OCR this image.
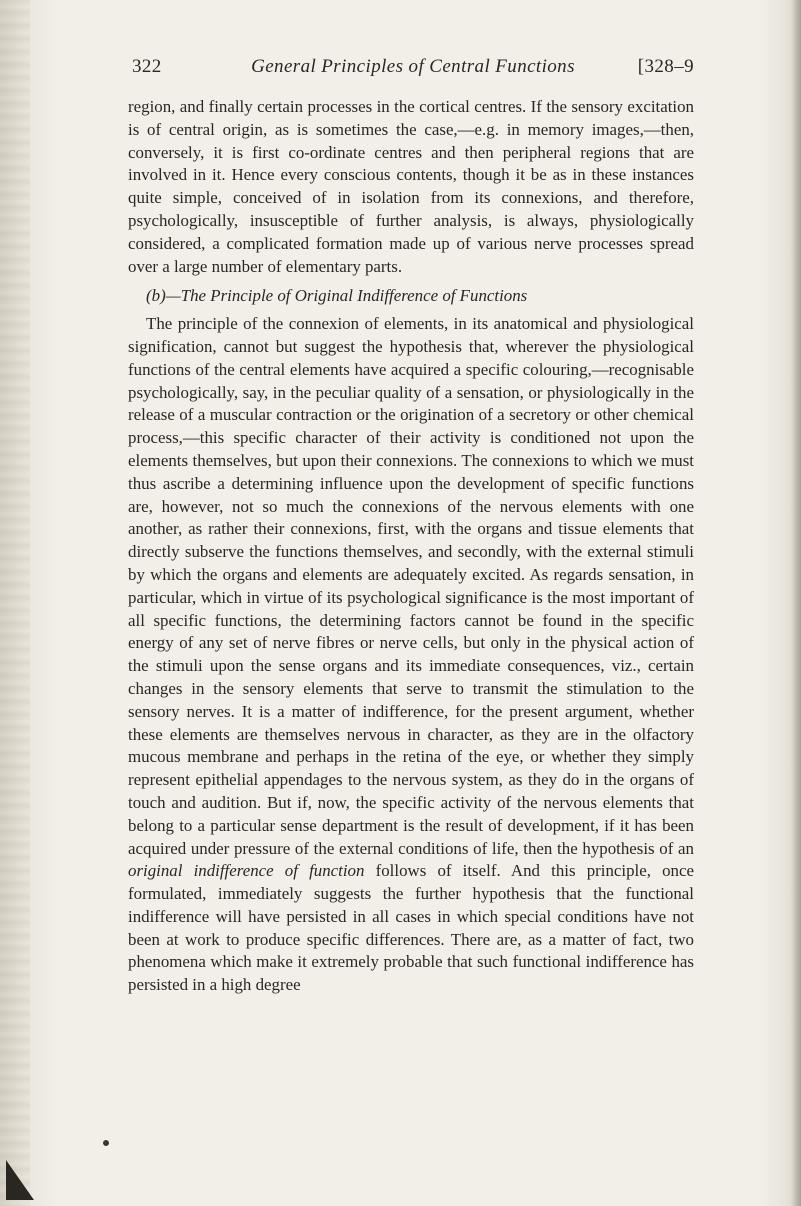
322	General Principles of Central Functions	[328–9

region, and finally certain processes in the cortical centres. If the sensory excitation is of central origin, as is sometimes the case,—e.g. in memory images,—then, conversely, it is first co-ordinate centres and then peripheral regions that are involved in it. Hence every conscious contents, though it be as in these instances quite simple, conceived of in isolation from its connexions, and therefore, psychologically, insusceptible of further analysis, is always, physiologically considered, a complicated formation made up of various nerve processes spread over a large number of elementary parts.

(b)—The Principle of Original Indifference of Functions

The principle of the connexion of elements, in its anatomical and physiological signification, cannot but suggest the hypothesis that, wherever the physiological functions of the central elements have acquired a specific colouring,—recognisable psychologically, say, in the peculiar quality of a sensation, or physiologically in the release of a muscular contraction or the origination of a secretory or other chemical process,—this specific character of their activity is conditioned not upon the elements themselves, but upon their connexions. The connexions to which we must thus ascribe a determining influence upon the development of specific functions are, however, not so much the connexions of the nervous elements with one another, as rather their connexions, first, with the organs and tissue elements that directly subserve the functions themselves, and secondly, with the external stimuli by which the organs and elements are adequately excited. As regards sensation, in particular, which in virtue of its psychological significance is the most important of all specific functions, the determining factors cannot be found in the specific energy of any set of nerve fibres or nerve cells, but only in the physical action of the stimuli upon the sense organs and its immediate consequences, viz., certain changes in the sensory elements that serve to transmit the stimulation to the sensory nerves. It is a matter of indifference, for the present argument, whether these elements are themselves nervous in character, as they are in the olfactory mucous membrane and perhaps in the retina of the eye, or whether they simply represent epithelial appendages to the nervous system, as they do in the organs of touch and audition. But if, now, the specific activity of the nervous elements that belong to a particular sense department is the result of development, if it has been acquired under pressure of the external conditions of life, then the hypothesis of an original indifference of function follows of itself. And this principle, once formulated, immediately suggests the further hypothesis that the functional indifference will have persisted in all cases in which special conditions have not been at work to produce specific differences. There are, as a matter of fact, two phenomena which make it extremely probable that such functional indifference has persisted in a high degree
